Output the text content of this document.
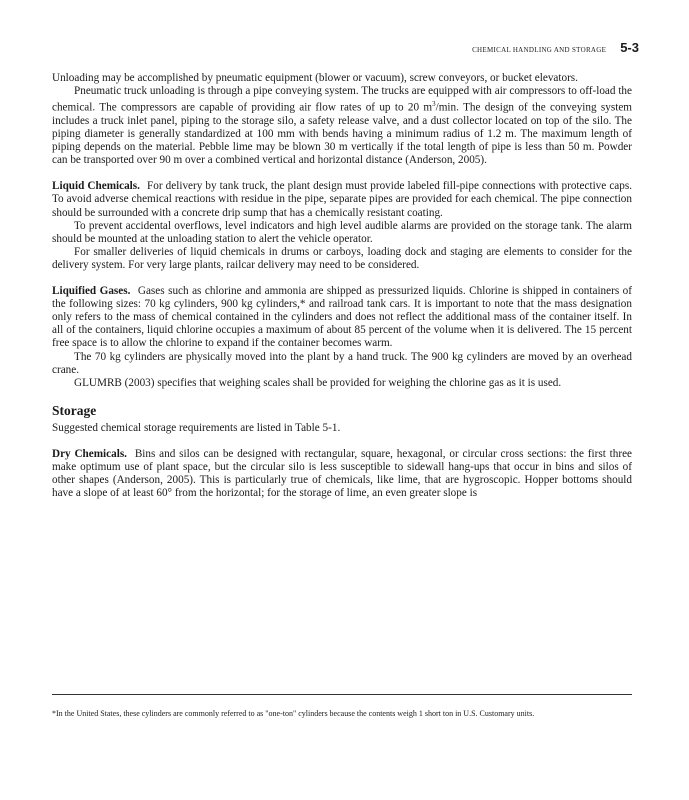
CHEMICAL HANDLING AND STORAGE 5-3

Unloading may be accomplished by pneumatic equipment (blower or vacuum), screw conveyors, or bucket elevators.

Pneumatic truck unloading is through a pipe conveying system. The trucks are equipped with air compressors to off-load the chemical. The compressors are capable of providing air flow rates of up to 20 $m^3/\min$. The design of the conveying system includes a truck inlet panel, piping to the storage silo, a safety release valve, and a dust collector located on top of the silo. The piping diameter is generally standardized at 100 mm with bends having a minimum radius of 1.2 m. The maximum length of piping depends on the material. Pebble lime may be blown 30 m vertically if the total length of pipe is less than 50 m. Powder can be transported over 90 m over a combined vertical and horizontal distance (Anderson, 2005).

Liquid Chemicals. For delivery by tank truck, the plant design must provide labeled fill-pipe connections with protective caps. To avoid adverse chemical reactions with residue in the pipe, separate pipes are provided for each chemical. The pipe connection should be surrounded with a concrete drip sump that has a chemically resistant coating.

To prevent accidental overflows, level indicators and high level audible alarms are provided on the storage tank. The alarm should be mounted at the unloading station to alert the vehicle operator.

For smaller deliveries of liquid chemicals in drums or carboys, loading dock and staging are elements to consider for the delivery system. For very large plants, railcar delivery may need to be considered.

Liquified Gases. Gases such as chlorine and ammonia are shipped as pressurized liquids. Chlorine is shipped in containers of the following sizes: 70 kg cylinders, 900 kg cylinders,* and railroad tank cars. It is important to note that the mass designation only refers to the mass of chemical contained in the cylinders and does not reflect the additional mass of the container itself. In all of the containers, liquid chlorine occupies a maximum of about 85 percent of the volume when it is delivered. The 15 percent free space is to allow the chlorine to expand if the container becomes warm.

The 70 kg cylinders are physically moved into the plant by a hand truck. The 900 kg cylinders are moved by an overhead crane.

GLUMRB (2003) specifies that weighing scales shall be provided for weighing the chlorine gas as it is used.

Storage

Suggested chemical storage requirements are listed in Table 5-1.

Dry Chemicals. Bins and silos can be designed with rectangular, square, hexagonal, or circular cross sections: the first three make optimum use of plant space, but the circular silo is less susceptible to sidewall hang-ups that occur in bins and silos of other shapes (Anderson, 2005). This is particularly true of chemicals, like lime, that are hygroscopic. Hopper bottoms should have a slope of at least 60° from the horizontal; for the storage of lime, an even greater slope is

*In the United States, these cylinders are commonly referred to as "one-ton" cylinders because the contents weigh 1 short ton in U.S. Customary units.
